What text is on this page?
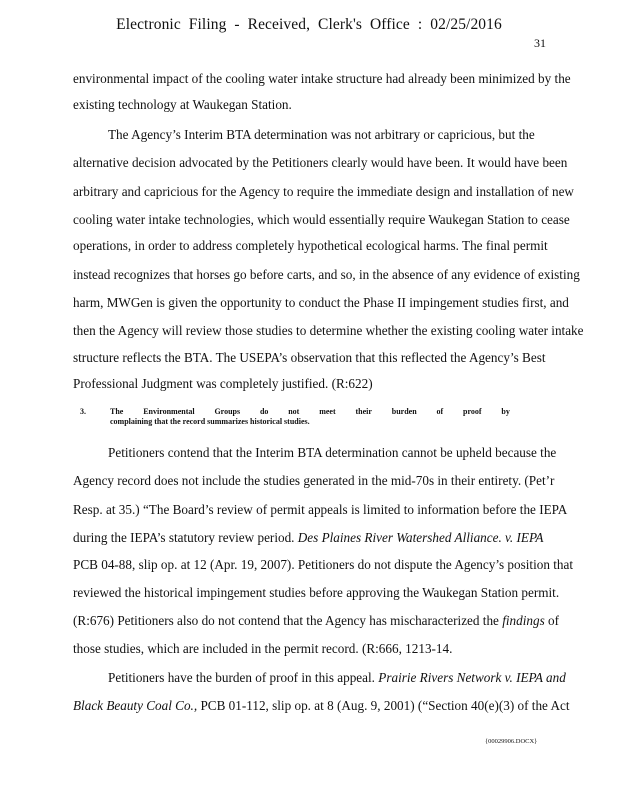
Electronic Filing - Received, Clerk's Office : 02/25/2016
31
environmental impact of the cooling water intake structure had already been minimized by the
existing technology at Waukegan Station.
The Agency’s Interim BTA determination was not arbitrary or capricious, but the
alternative decision advocated by the Petitioners clearly would have been. It would have been
arbitrary and capricious for the Agency to require the immediate design and installation of new
cooling water intake technologies, which would essentially require Waukegan Station to cease
operations, in order to address completely hypothetical ecological harms. The final permit
instead recognizes that horses go before carts, and so, in the absence of any evidence of existing
harm, MWGen is given the opportunity to conduct the Phase II impingement studies first, and
then the Agency will review those studies to determine whether the existing cooling water intake
structure reflects the BTA. The USEPA’s observation that this reflected the Agency’s Best
Professional Judgment was completely justified. (R:622)
3.	The Environmental Groups do not meet their burden of proof by
complaining that the record summarizes historical studies.
Petitioners contend that the Interim BTA determination cannot be upheld because the
Agency record does not include the studies generated in the mid-70s in their entirety. (Pet’r
Resp. at 35.) “The Board’s review of permit appeals is limited to information before the IEPA
during the IEPA’s statutory review period. Des Plaines River Watershed Alliance. v. IEPA
PCB 04-88, slip op. at 12 (Apr. 19, 2007). Petitioners do not dispute the Agency’s position that
reviewed the historical impingement studies before approving the Waukegan Station permit.
(R:676) Petitioners also do not contend that the Agency has mischaracterized the findings of
those studies, which are included in the permit record. (R:666, 1213-14.
Petitioners have the burden of proof in this appeal. Prairie Rivers Network v. IEPA and
Black Beauty Coal Co., PCB 01-112, slip op. at 8 (Aug. 9, 2001) (“Section 40(e)(3) of the Act
{00029906.DOCX}
